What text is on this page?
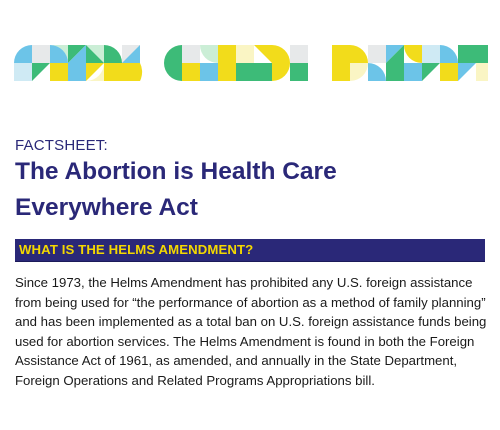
FACTSHEET:
The Abortion is Health Care
Everywhere Act
WHAT IS THE HELMS AMENDMENT?

Since 1973, the Helms Amendment has prohibited any U.S. foreign assistance from being used for “the performance of abortion as a method of family planning” and has been implemented as a total ban on U.S. foreign assistance funds being used for abortion services. The Helms Amendment is found in both the Foreign Assistance Act of 1961, as amended, and annually in the State Department, Foreign Operations and Related Programs Appropriations bill.
